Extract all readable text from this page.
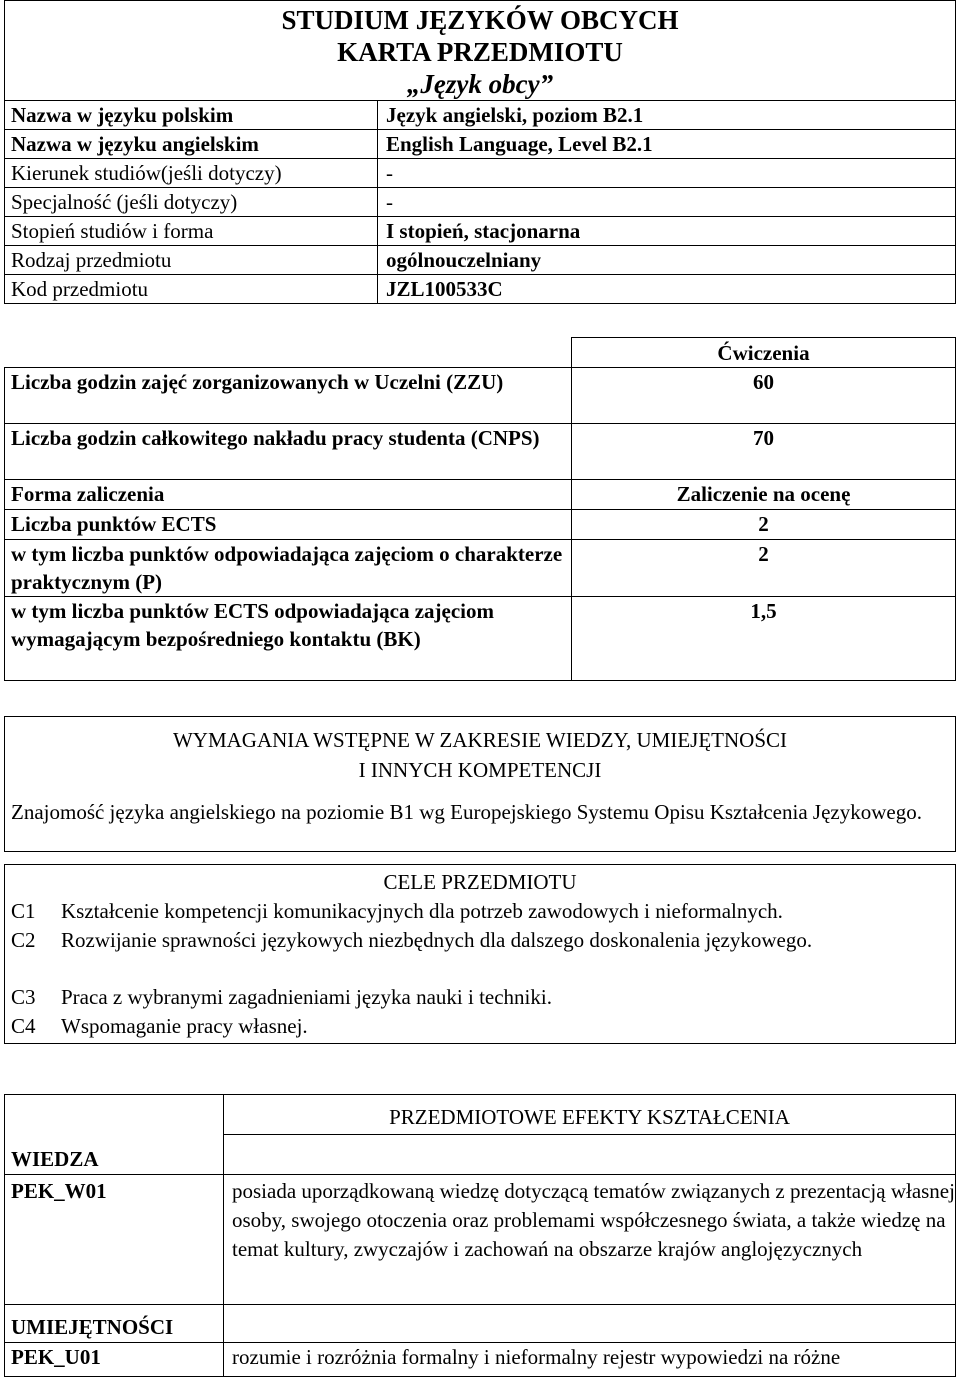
STUDIUM JĘZYKÓW OBCYCH
KARTA PRZEDMIOTU
„Język obcy”	

Nazwa w języku polskim	Język angielski, poziom B2.1
Nazwa w języku angielskim	English Language, Level B2.1
Kierunek studiów(jeśli dotyczy)	-
Specjalność (jeśli dotyczy)	-
Stopień studiów i forma	I stopień, stacjonarna
Rodzaj przedmiotu	ogólnouczelniany
Kod przedmiotu	JZL100533C
	Ćwiczenia
Liczba godzin zajęć zorganizowanych w Uczelni (ZZU)	60
Liczba godzin całkowitego nakładu pracy studenta (CNPS)	70
Forma zaliczenia	Zaliczenie na ocenę
Liczba punktów ECTS	2
w tym liczba punktów odpowiadająca zajęciom o charakterze praktycznym (P)	2
w tym liczba punktów ECTS odpowiadająca zajęciom wymagającym bezpośredniego kontaktu (BK)	1,5
WYMAGANIA WSTĘPNE W ZAKRESIE WIEDZY, UMIEJĘTNOŚCI
I INNYCH KOMPETENCJI
Znajomość języka angielskiego na poziomie B1 wg Europejskiego Systemu Opisu Kształcenia Językowego.
CELE PRZEDMIOTU
C1	Kształcenie kompetencji komunikacyjnych dla potrzeb zawodowych i nieformalnych.
C2	Rozwijanie sprawności językowych niezbędnych dla dalszego doskonalenia językowego.
C3	Praca z wybranymi zagadnieniami języka nauki i techniki.
C4	Wspomaganie pracy własnej.
	PRZEDMIOTOWE EFEKTY KSZTAŁCENIA
WIEDZA	
PEK_W01	posiada uporządkowaną wiedzę dotyczącą tematów związanych z prezentacją własnej osoby, swojego otoczenia oraz problemami współczesnego świata, a także wiedzę na temat kultury, zwyczajów i zachowań na obszarze krajów anglojęzycznych
UMIEJĘTNOŚCI	
PEK_U01	rozumie i rozróżnia formalny i nieformalny rejestr wypowiedzi na różne
